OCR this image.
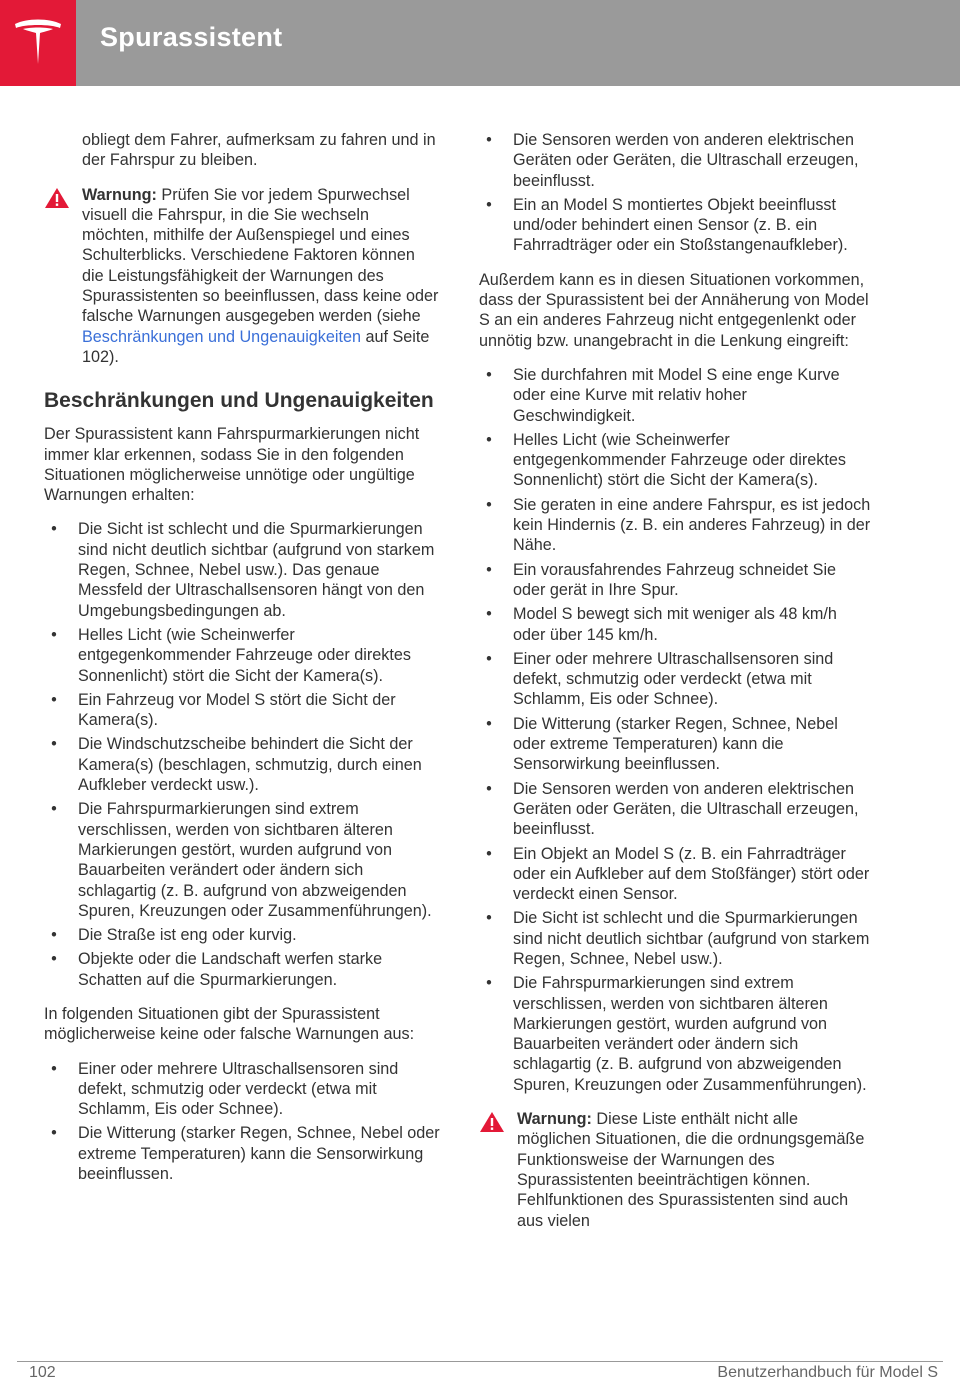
Spurassistent

obliegt dem Fahrer, aufmerksam zu fahren und in der Fahrspur zu bleiben.

Warnung: Prüfen Sie vor jedem Spurwechsel visuell die Fahrspur, in die Sie wechseln möchten, mithilfe der Außenspiegel und eines Schulterblicks. Verschiedene Faktoren können die Leistungsfähigkeit der Warnungen des Spurassistenten so beeinflussen, dass keine oder falsche Warnungen ausgegeben werden (siehe Beschränkungen und Ungenauigkeiten auf Seite 102).

Beschränkungen und Ungenauigkeiten

Der Spurassistent kann Fahrspurmarkierungen nicht immer klar erkennen, sodass Sie in den folgenden Situationen möglicherweise unnötige oder ungültige Warnungen erhalten:

•	Die Sicht ist schlecht und die Spurmarkierungen sind nicht deutlich sichtbar (aufgrund von starkem Regen, Schnee, Nebel usw.). Das genaue Messfeld der Ultraschallsensoren hängt von den Umgebungsbedingungen ab.
•	Helles Licht (wie Scheinwerfer entgegenkommender Fahrzeuge oder direktes Sonnenlicht) stört die Sicht der Kamera(s).
•	Ein Fahrzeug vor Model S stört die Sicht der Kamera(s).
•	Die Windschutzscheibe behindert die Sicht der Kamera(s) (beschlagen, schmutzig, durch einen Aufkleber verdeckt usw.).
•	Die Fahrspurmarkierungen sind extrem verschlissen, werden von sichtbaren älteren Markierungen gestört, wurden aufgrund von Bauarbeiten verändert oder ändern sich schlagartig (z. B. aufgrund von abzweigenden Spuren, Kreuzungen oder Zusammenführungen).
•	Die Straße ist eng oder kurvig.
•	Objekte oder die Landschaft werfen starke Schatten auf die Spurmarkierungen.

In folgenden Situationen gibt der Spurassistent möglicherweise keine oder falsche Warnungen aus:

•	Einer oder mehrere Ultraschallsensoren sind defekt, schmutzig oder verdeckt (etwa mit Schlamm, Eis oder Schnee).
•	Die Witterung (starker Regen, Schnee, Nebel oder extreme Temperaturen) kann die Sensorwirkung beeinflussen.
•	Die Sensoren werden von anderen elektrischen Geräten oder Geräten, die Ultraschall erzeugen, beeinflusst.
•	Ein an Model S montiertes Objekt beeinflusst und/oder behindert einen Sensor (z. B. ein Fahrradträger oder ein Stoßstangenaufkleber).

Außerdem kann es in diesen Situationen vorkommen, dass der Spurassistent bei der Annäherung von Model S an ein anderes Fahrzeug nicht entgegenlenkt oder unnötig bzw. unangebracht in die Lenkung eingreift:

•	Sie durchfahren mit Model S eine enge Kurve oder eine Kurve mit relativ hoher Geschwindigkeit.
•	Helles Licht (wie Scheinwerfer entgegenkommender Fahrzeuge oder direktes Sonnenlicht) stört die Sicht der Kamera(s).
•	Sie geraten in eine andere Fahrspur, es ist jedoch kein Hindernis (z. B. ein anderes Fahrzeug) in der Nähe.
•	Ein vorausfahrendes Fahrzeug schneidet Sie oder gerät in Ihre Spur.
•	Model S bewegt sich mit weniger als 48 km/h oder über 145 km/h.
•	Einer oder mehrere Ultraschallsensoren sind defekt, schmutzig oder verdeckt (etwa mit Schlamm, Eis oder Schnee).
•	Die Witterung (starker Regen, Schnee, Nebel oder extreme Temperaturen) kann die Sensorwirkung beeinflussen.
•	Die Sensoren werden von anderen elektrischen Geräten oder Geräten, die Ultraschall erzeugen, beeinflusst.
•	Ein Objekt an Model S (z. B. ein Fahrradträger oder ein Aufkleber auf dem Stoßfänger) stört oder verdeckt einen Sensor.
•	Die Sicht ist schlecht und die Spurmarkierungen sind nicht deutlich sichtbar (aufgrund von starkem Regen, Schnee, Nebel usw.).
•	Die Fahrspurmarkierungen sind extrem verschlissen, werden von sichtbaren älteren Markierungen gestört, wurden aufgrund von Bauarbeiten verändert oder ändern sich schlagartig (z. B. aufgrund von abzweigenden Spuren, Kreuzungen oder Zusammenführungen).

Warnung: Diese Liste enthält nicht alle möglichen Situationen, die die ordnungsgemäße Funktionsweise der Warnungen des Spurassistenten beeinträchtigen können. Fehlfunktionen des Spurassistenten sind auch aus vielen

102	Benutzerhandbuch für Model S
